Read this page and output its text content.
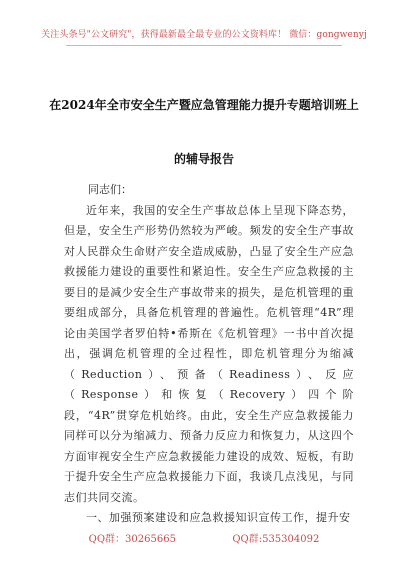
关注头条号"公文研究"，获得最新最全最专业的公文资料库！ 微信：gongwenyj
在2024年全市安全生产暨应急管理能力提升专题培训班上
的辅导报告

同志们：

近年来，我国的安全生产事故总体上呈现下降态势，但是，安全生产形势仍然较为严峻。频发的安全生产事故对人民群众生命财产安全造成威胁，凸显了安全生产应急救援能力建设的重要性和紧迫性。安全生产应急救援的主要目的是减少安全生产事故带来的损失，是危机管理的重要组成部分，具备危机管理的普遍性。危机管理“4R”理论由美国学者罗伯特•希斯在《危机管理》一书中首次提出，强调危机管理的全过程性，即危机管理分为缩减（Reduction）、预备（Readiness）、反应（Response）和恢复（Recovery）四个阶段，“4R”贯穿危机始终。由此，安全生产应急救援能力同样可以分为缩减力、预备力反应力和恢复力，从这四个方面审视安全生产应急救援能力建设的成效、短板，有助于提升安全生产应急救援能力下面，我谈几点浅见，与同志们共同交流。

一、加强预案建设和应急救援知识宣传工作，提升安

QQ群：30265665	QQ群:535304092
